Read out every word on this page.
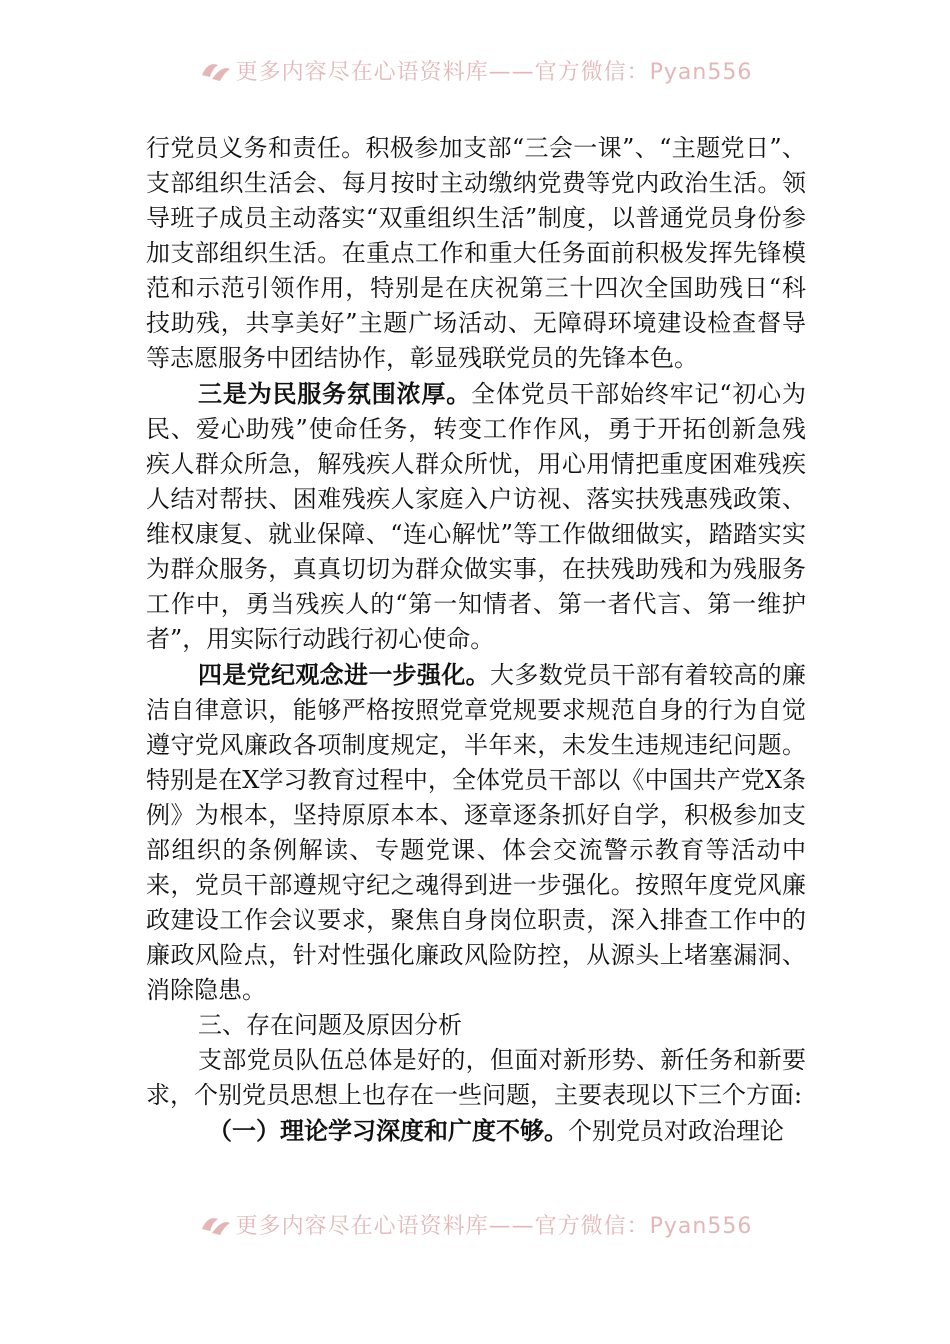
更多内容尽在心语资料库——官方微信：Pyan556

行党员义务和责任。积极参加支部“三会一课”、“主题党日”、支部组织生活会、每月按时主动缴纳党费等党内政治生活。领导班子成员主动落实“双重组织生活”制度，以普通党员身份参加支部组织生活。在重点工作和重大任务面前积极发挥先锋模范和示范引领作用，特别是在庆祝第三十四次全国助残日“科技助残，共享美好”主题广场活动、无障碍环境建设检查督导等志愿服务中团结协作，彰显残联党员的先锋本色。

三是为民服务氛围浓厚。全体党员干部始终牢记“初心为民、爱心助残”使命任务，转变工作作风，勇于开拓创新急残疾人群众所急，解残疾人群众所忧，用心用情把重度困难残疾人结对帮扶、困难残疾人家庭入户访视、落实扶残惠残政策、维权康复、就业保障、“连心解忧”等工作做细做实，踏踏实实为群众服务，真真切切为群众做实事，在扶残助残和为残服务工作中，勇当残疾人的“第一知情者、第一者代言、第一维护者”，用实际行动践行初心使命。

四是党纪观念进一步强化。大多数党员干部有着较高的廉洁自律意识，能够严格按照党章党规要求规范自身的行为自觉遵守党风廉政各项制度规定，半年来，未发生违规违纪问题。特别是在X学习教育过程中，全体党员干部以《中国共产党X条例》为根本，坚持原原本本、逐章逐条抓好自学，积极参加支部组织的条例解读、专题党课、体会交流警示教育等活动中来，党员干部遵规守纪之魂得到进一步强化。按照年度党风廉政建设工作会议要求，聚焦自身岗位职责，深入排查工作中的廉政风险点，针对性强化廉政风险防控，从源头上堵塞漏洞、消除隐患。

三、存在问题及原因分析

支部党员队伍总体是好的，但面对新形势、新任务和新要求，个别党员思想上也存在一些问题，主要表现以下三个方面:

（一）理论学习深度和广度不够。个别党员对政治理论

更多内容尽在心语资料库——官方微信：Pyan556
